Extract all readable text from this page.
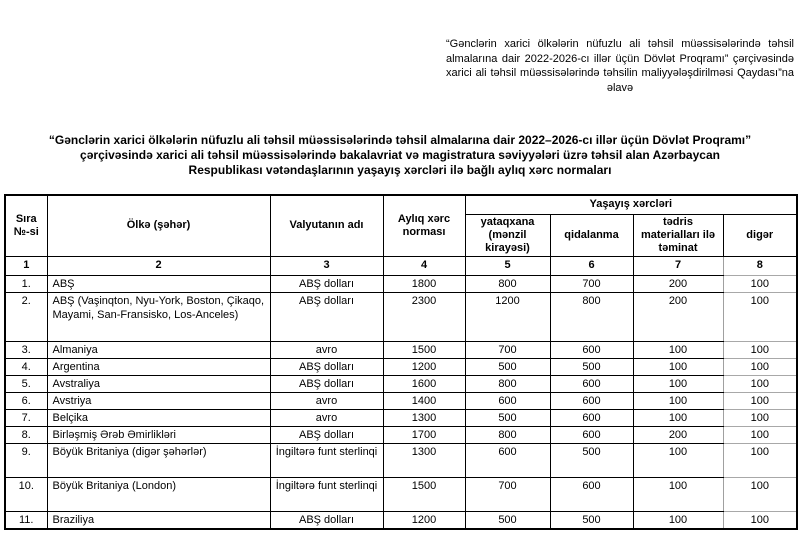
“Gənclərin xarici ölkələrin nüfuzlu ali təhsil müəssisələrində təhsil almalarına dair 2022-2026-cı illər üçün Dövlət Proqramı” çərçivəsində xarici ali təhsil müəssisələrində təhsilin maliyyələşdirilməsi Qaydası”na əlavə
“Gənclərin xarici ölkələrin nüfuzlu ali təhsil müəssisələrində təhsil almalarına dair 2022–2026-cı illər üçün Dövlət Proqramı” çərçivəsində xarici ali təhsil müəssisələrində bakalavriat və magistratura səviyyələri üzrə təhsil alan Azərbaycan Respublikası vətəndaşlarının yaşayış xərcləri ilə bağlı aylıq xərc normaları
Sıra №-si	Ölkə (şəhər)	Valyutanın adı	Aylıq xərc norması	Yaşayış xərcləri			
				yataqxana (mənzil kirayəsi)	qidalanma	tədris materialları ilə təminat	digər
1	2	3	4	5	6	7	8
1.	ABŞ	ABŞ dolları	1800	800	700	200	100
2.	ABŞ (Vaşinqton, Nyu-York, Boston, Çikaqo, Mayami, San-Fransisko, Los-Anceles)	ABŞ dolları	2300	1200	800	200	100
3.	Almaniya	avro	1500	700	600	100	100
4.	Argentina	ABŞ dolları	1200	500	500	100	100
5.	Avstraliya	ABŞ dolları	1600	800	600	100	100
6.	Avstriya	avro	1400	600	600	100	100
7.	Belçika	avro	1300	500	600	100	100
8.	Birləşmiş Ərəb Əmirlikləri	ABŞ dolları	1700	800	600	200	100
9.	Böyük Britaniya (digər şəhərlər)	İngiltərə funt sterlinqi	1300	600	500	100	100
10.	Böyük Britaniya (London)	İngiltərə funt sterlinqi	1500	700	600	100	100
11.	Braziliya	ABŞ dolları	1200	500	500	100	100
